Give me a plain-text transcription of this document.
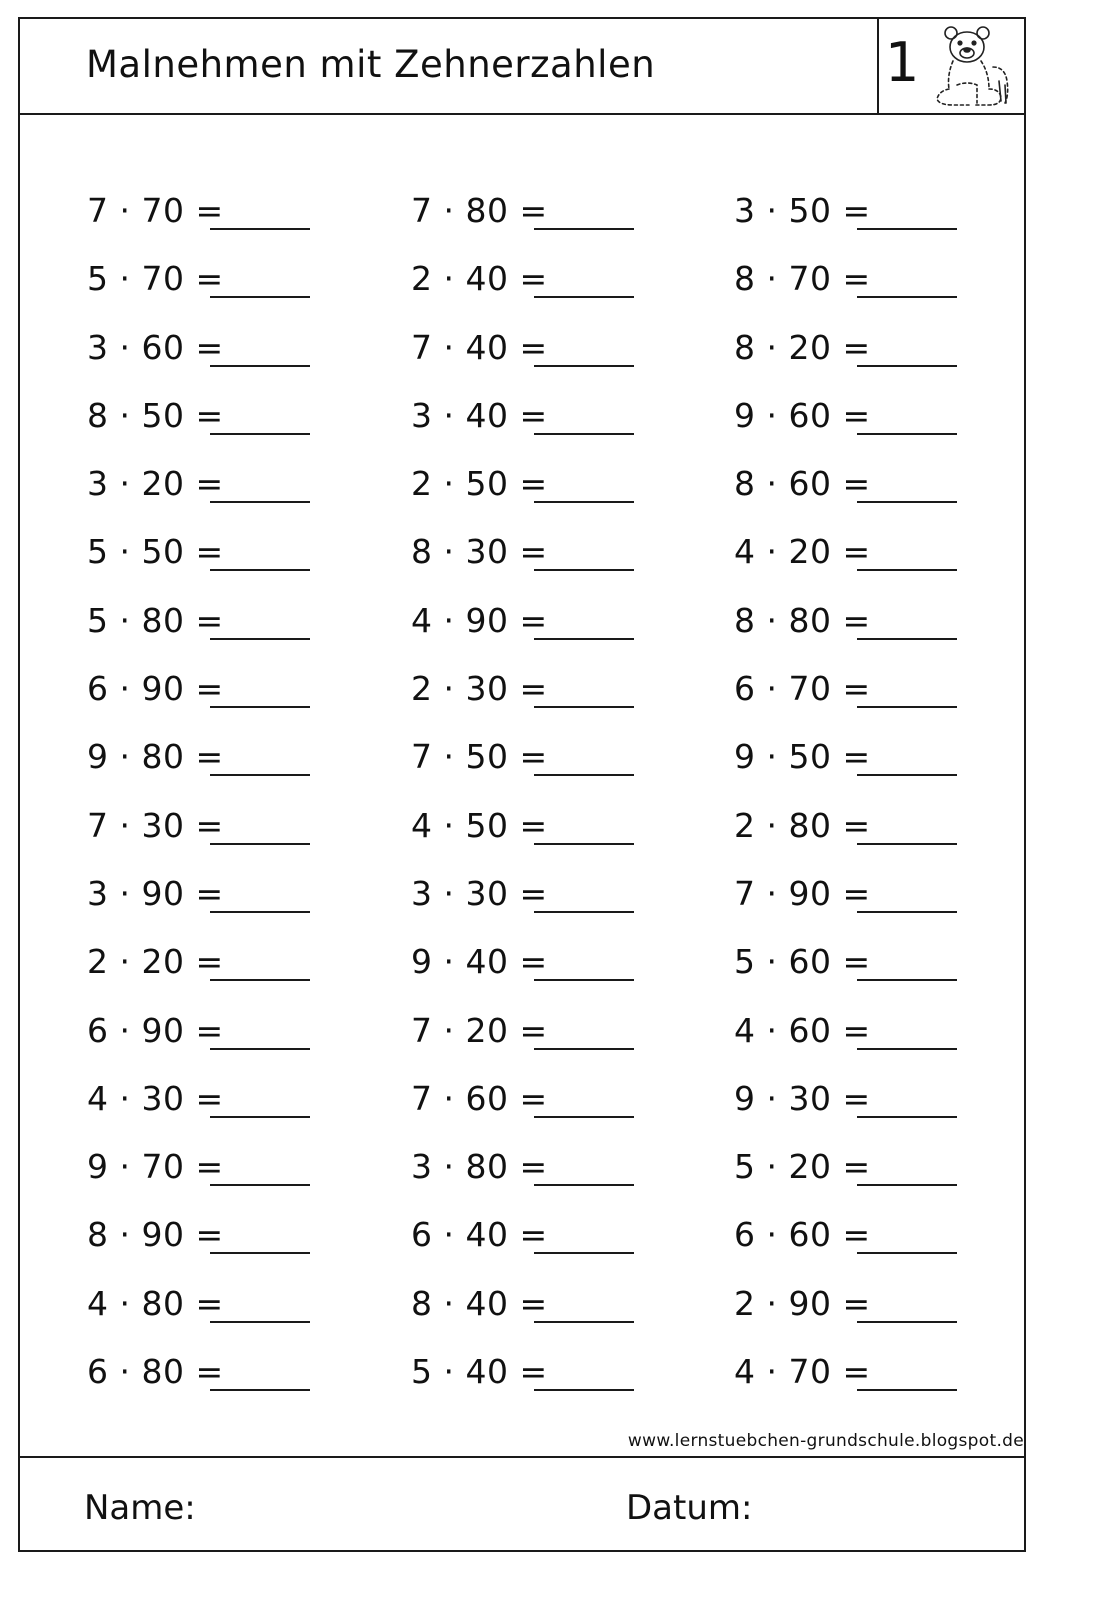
Malnehmen mit Zehnerzahlen	1
7 · 70 =
5 · 70 =
3 · 60 =
8 · 50 =
3 · 20 =
5 · 50 =
5 · 80 =
6 · 90 =
9 · 80 =
7 · 30 =
3 · 90 =
2 · 20 =
6 · 90 =
4 · 30 =
9 · 70 =
8 · 90 =
4 · 80 =
6 · 80 =
7 · 80 =
2 · 40 =
7 · 40 =
3 · 40 =
2 · 50 =
8 · 30 =
4 · 90 =
2 · 30 =
7 · 50 =
4 · 50 =
3 · 30 =
9 · 40 =
7 · 20 =
7 · 60 =
3 · 80 =
6 · 40 =
8 · 40 =
5 · 40 =
3 · 50 =
8 · 70 =
8 · 20 =
9 · 60 =
8 · 60 =
4 · 20 =
8 · 80 =
6 · 70 =
9 · 50 =
2 · 80 =
7 · 90 =
5 · 60 =
4 · 60 =
9 · 30 =
5 · 20 =
6 · 60 =
2 · 90 =
4 · 70 =
www.lernstuebchen-grundschule.blogspot.de
Name:	Datum:
